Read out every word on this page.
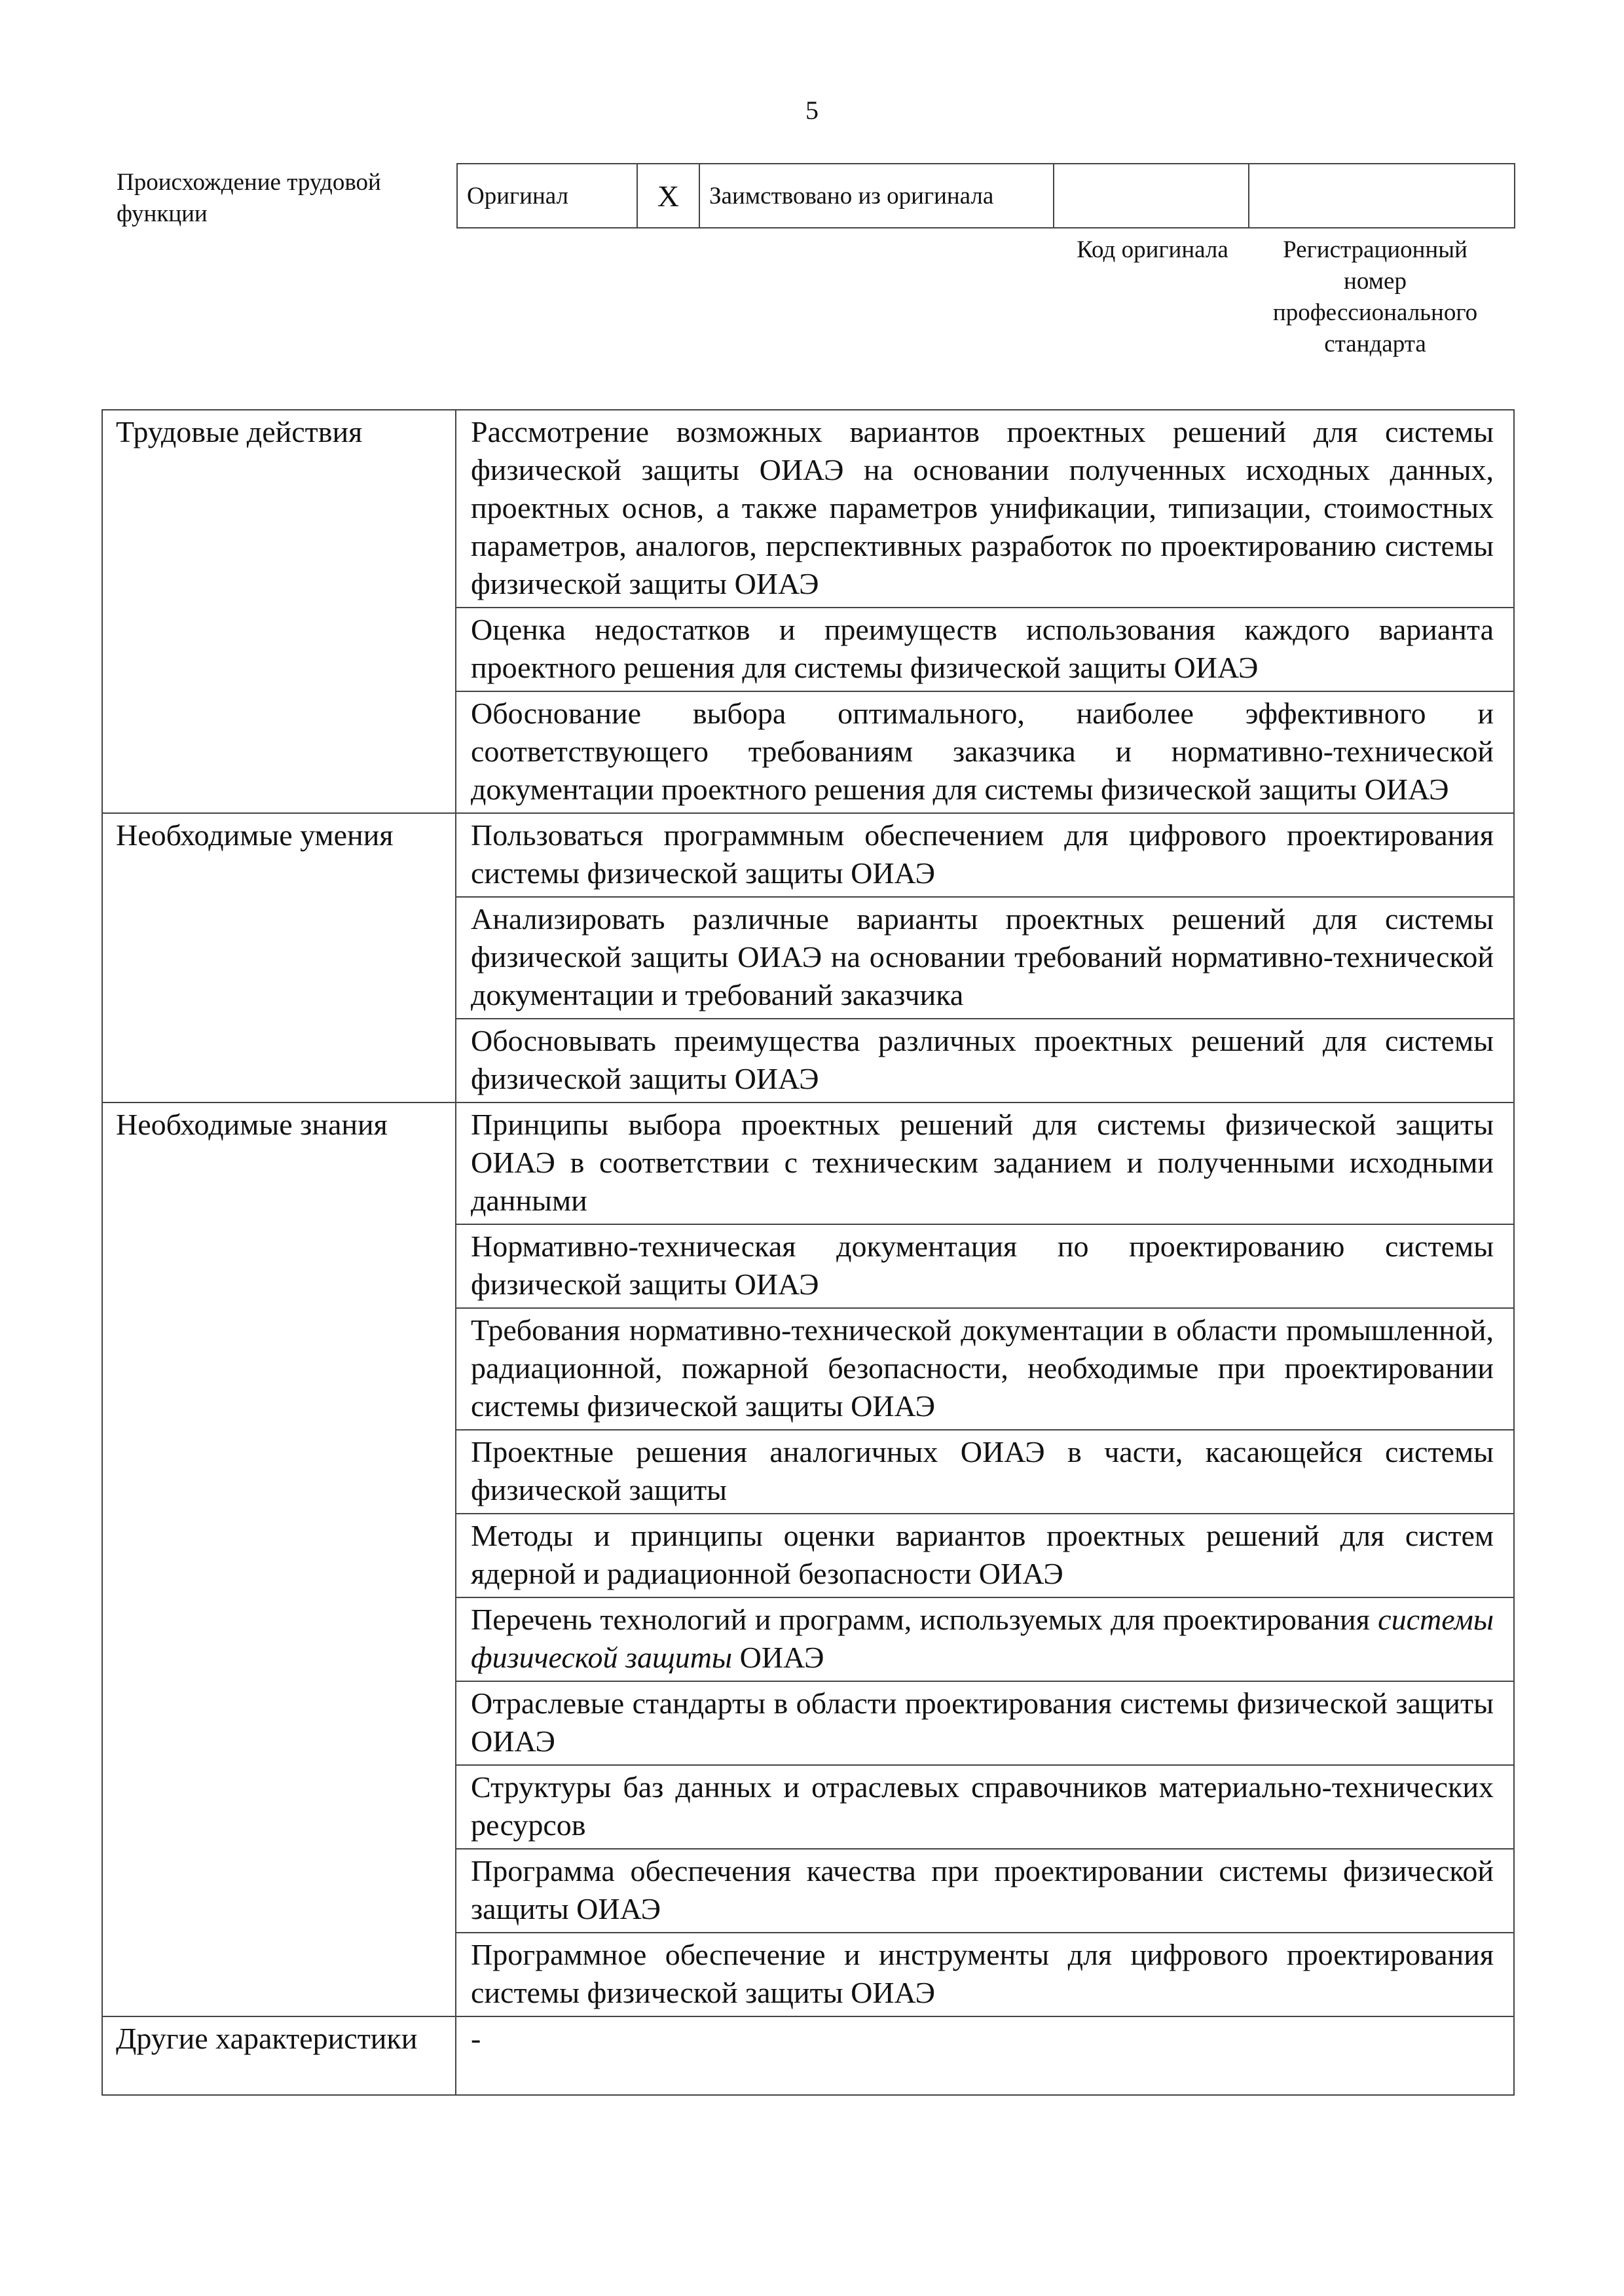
5
Происхождение трудовой функции
Оригинал	X	Заимствовано из оригинала		
Код оригинала	Регистрационный номер профессионального стандарта
Трудовые действия	Рассмотрение возможных вариантов проектных решений для системы физической защиты ОИАЭ на основании полученных исходных данных, проектных основ, а также параметров унификации, типизации, стоимостных параметров, аналогов, перспективных разработок по проектированию системы физической защиты ОИАЭ
	Оценка недостатков и преимуществ использования каждого варианта проектного решения для системы физической защиты ОИАЭ
	Обоснование выбора оптимального, наиболее эффективного и соответствующего требованиям заказчика и нормативно-технической документации проектного решения для системы физической защиты ОИАЭ
Необходимые умения	Пользоваться программным обеспечением для цифрового проектирования системы физической защиты ОИАЭ
	Анализировать различные варианты проектных решений для системы физической защиты ОИАЭ на основании требований нормативно-технической документации и требований заказчика
	Обосновывать преимущества различных проектных решений для системы физической защиты ОИАЭ
Необходимые знания	Принципы выбора проектных решений для системы физической защиты ОИАЭ в соответствии с техническим заданием и полученными исходными данными
	Нормативно-техническая документация по проектированию системы физической защиты ОИАЭ
	Требования нормативно-технической документации в области промышленной, радиационной, пожарной безопасности, необходимые при проектировании системы физической защиты ОИАЭ
	Проектные решения аналогичных ОИАЭ в части, касающейся системы физической защиты
	Методы и принципы оценки вариантов проектных решений для систем ядерной и радиационной безопасности ОИАЭ
	Перечень технологий и программ, используемых для проектирования системы физической защиты ОИАЭ
	Отраслевые стандарты в области проектирования системы физической защиты ОИАЭ
	Структуры баз данных и отраслевых справочников материально-технических ресурсов
	Программа обеспечения качества при проектировании системы физической защиты ОИАЭ
	Программное обеспечение и инструменты для цифрового проектирования системы физической защиты ОИАЭ
Другие характеристики	-
